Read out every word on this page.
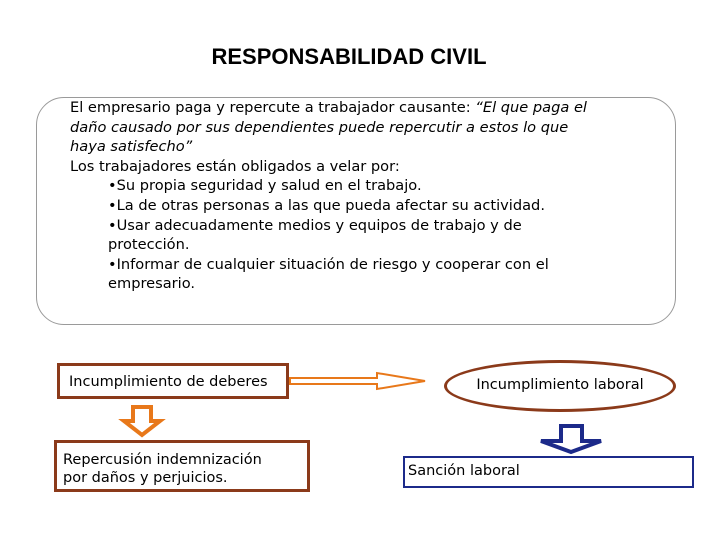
RESPONSABILIDAD CIVIL
El empresario paga y repercute a trabajador causante: “El que paga el
daño causado por sus dependientes puede repercutir a estos lo que
haya satisfecho”
Los trabajadores están obligados a velar por:
•Su propia seguridad y salud en el trabajo.
•La de otras personas a las que pueda afectar su actividad.
•Usar adecuadamente medios y equipos de trabajo y de
protección.
•Informar de cualquier situación de riesgo y cooperar con el
empresario.
Incumplimiento de deberes	Incumplimiento laboral
Repercusión indemnización
por daños y perjuicios.	Sanción laboral
